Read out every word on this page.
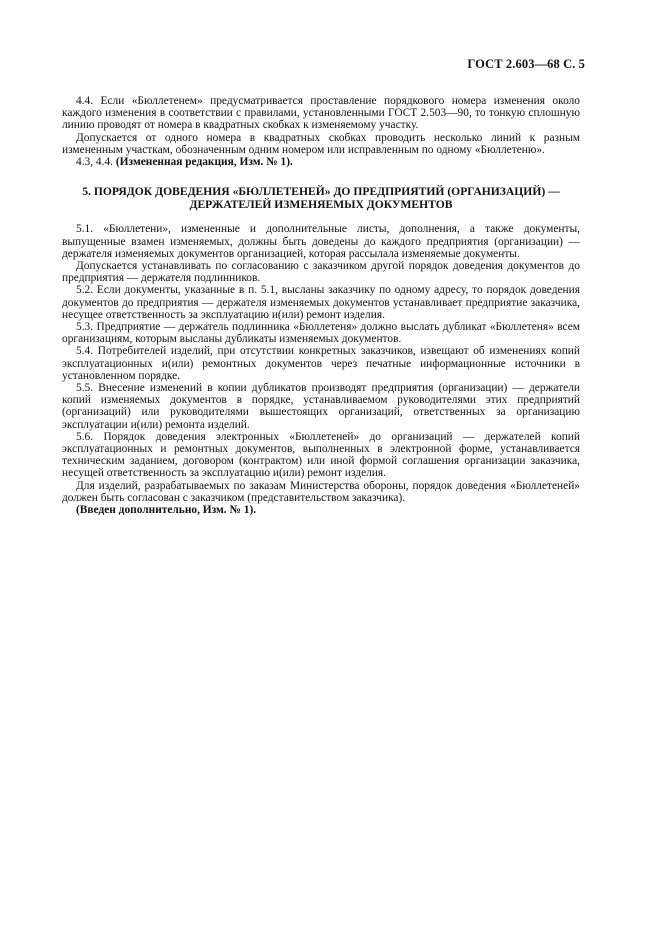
ГОСТ 2.603—68 С. 5

4.4. Если «Бюллетенем» предусматривается проставление порядкового номера изменения около каждого изменения в соответствии с правилами, установленными ГОСТ 2.503—90, то тонкую сплошную линию проводят от номера в квадратных скобках к изменяемому участку.

Допускается от одного номера в квадратных скобках проводить несколько линий к разным измененным участкам, обозначенным одним номером или исправленным по одному «Бюллетеню».

4.3, 4.4. (Измененная редакция, Изм. № 1).

5. ПОРЯДОК ДОВЕДЕНИЯ «БЮЛЛЕТЕНЕЙ» ДО ПРЕДПРИЯТИЙ (ОРГАНИЗАЦИЙ) —
ДЕРЖАТЕЛЕЙ ИЗМЕНЯЕМЫХ ДОКУМЕНТОВ

5.1. «Бюллетени», измененные и дополнительные листы, дополнения, а также документы, выпущенные взамен изменяемых, должны быть доведены до каждого предприятия (организации) — держателя изменяемых документов организацией, которая рассылала изменяемые документы.

Допускается устанавливать по согласованию с заказчиком другой порядок доведения документов до предприятия — держателя подлинников.

5.2. Если документы, указанные в п. 5.1, высланы заказчику по одному адресу, то порядок доведения документов до предприятия — держателя изменяемых документов устанавливает предприятие заказчика, несущее ответственность за эксплуатацию и(или) ремонт изделия.

5.3. Предприятие — держатель подлинника «Бюллетеня» должно выслать дубликат «Бюллетеня» всем организациям, которым высланы дубликаты изменяемых документов.

5.4. Потребителей изделий, при отсутствии конкретных заказчиков, извещают об изменениях копий эксплуатационных и(или) ремонтных документов через печатные информационные источники в установленном порядке.

5.5. Внесение изменений в копии дубликатов производят предприятия (организации) — держатели копий изменяемых документов в порядке, устанавливаемом руководителями этих предприятий (организаций) или руководителями вышестоящих организаций, ответственных за организацию эксплуатации и(или) ремонта изделий.

5.6. Порядок доведения электронных «Бюллетеней» до организаций — держателей копий эксплуатационных и ремонтных документов, выполненных в электронной форме, устанавливается техническим заданием, договором (контрактом) или иной формой соглашения организации заказчика, несущей ответственность за эксплуатацию и(или) ремонт изделия.

Для изделий, разрабатываемых по заказам Министерства обороны, порядок доведения «Бюллетеней» должен быть согласован с заказчиком (представительством заказчика).

(Введен дополнительно, Изм. № 1).
